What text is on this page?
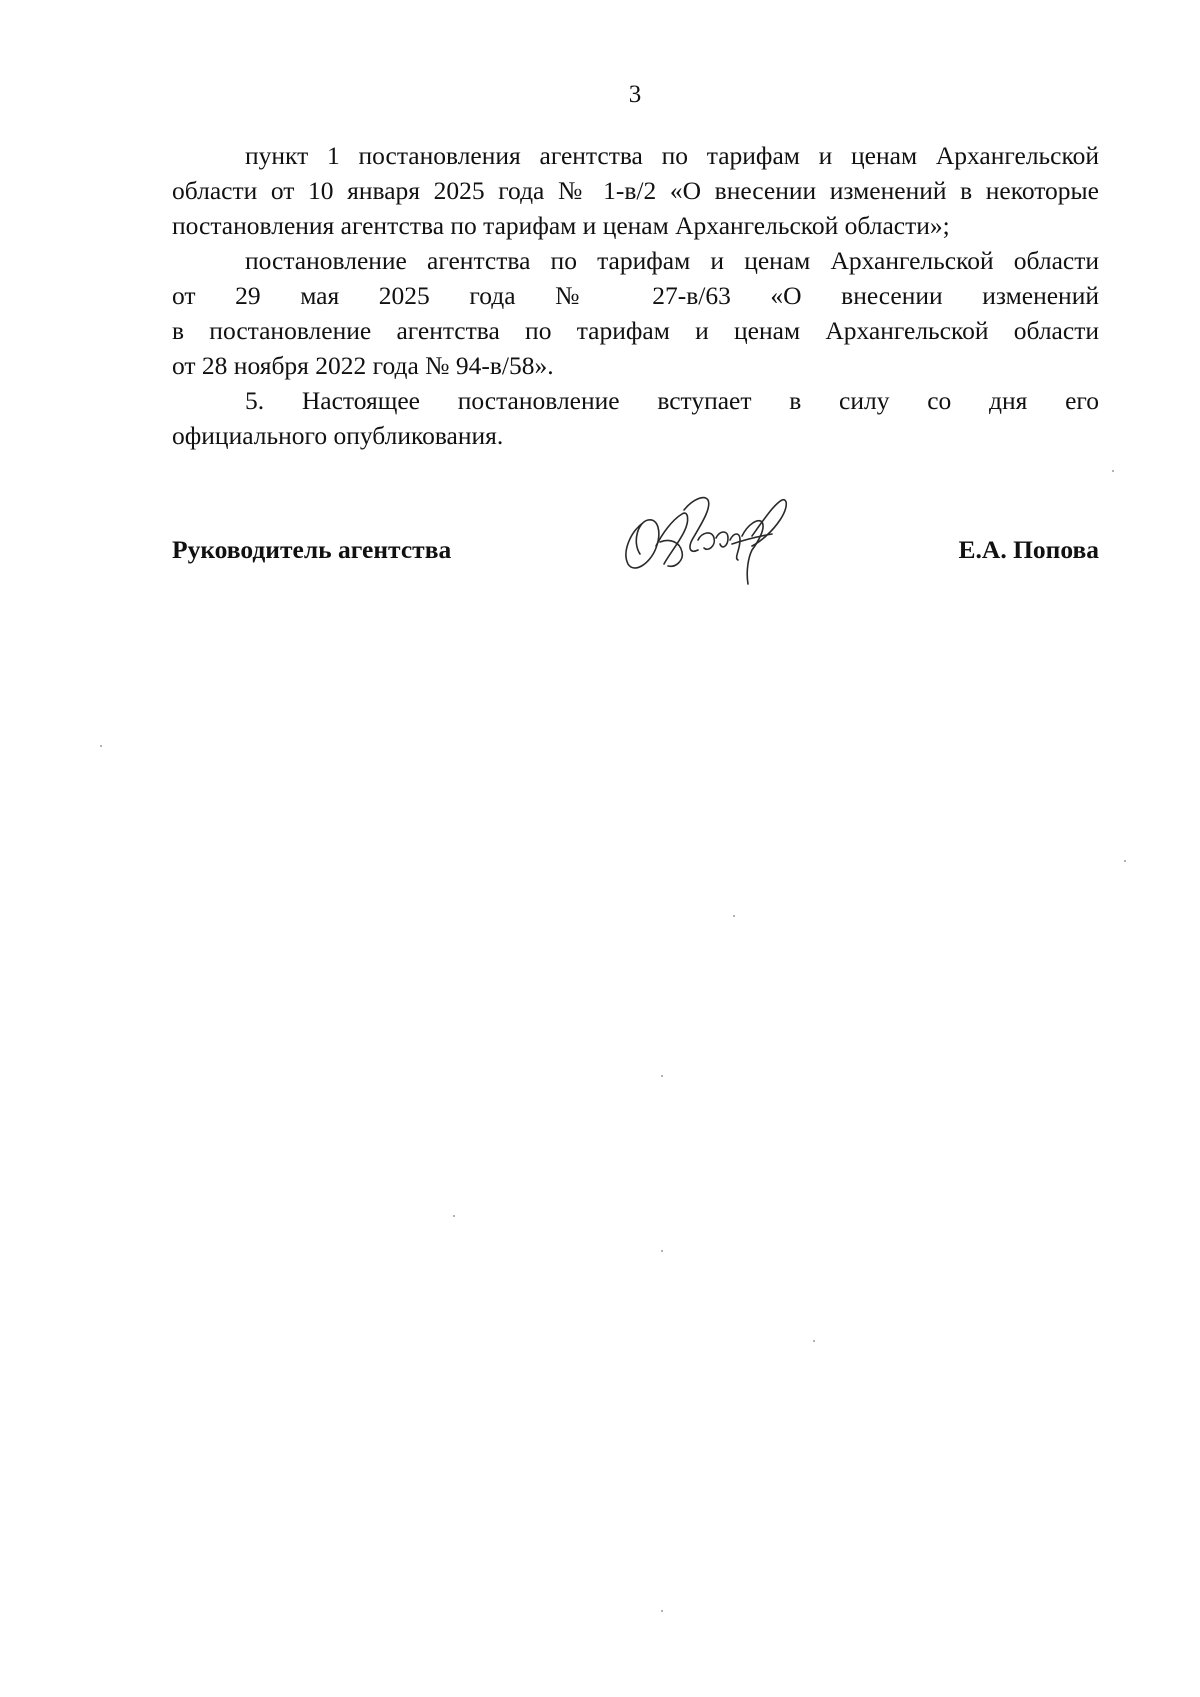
3
пункт 1 постановления агентства по тарифам и ценам Архангельской
области от 10 января 2025 года № 1-в/2 «О внесении изменений в некоторые
постановления агентства по тарифам и ценам Архангельской области»;
постановление агентства по тарифам и ценам Архангельской области
от 29 мая 2025 года № 27-в/63 «О внесении изменений
в постановление агентства по тарифам и ценам Архангельской области
от 28 ноября 2022 года № 94-в/58».
5. Настоящее постановление вступает в силу со дня его
официального опубликования.
Руководитель агентства	Е.А. Попова
